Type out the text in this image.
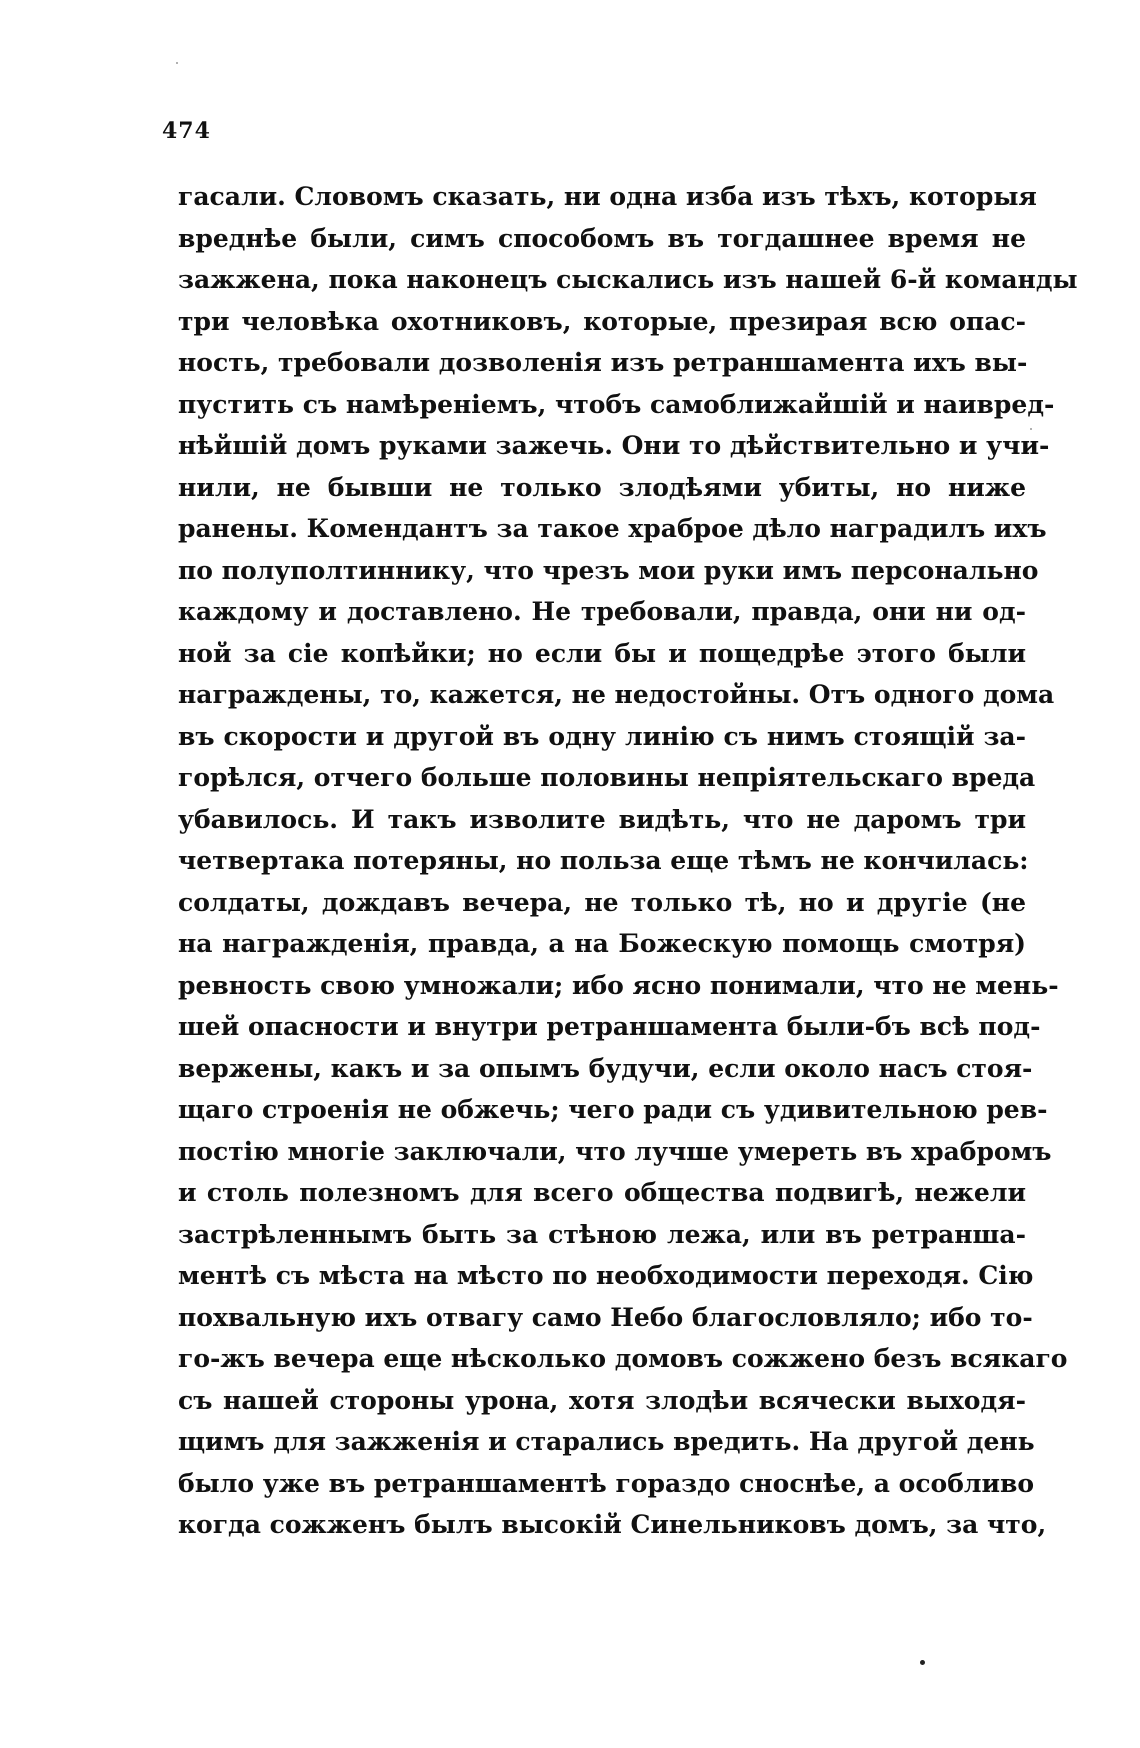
474
гасали. Словомъ сказать, ни одна изба изъ тѣхъ, которыя
вреднѣе были, симъ способомъ въ тогдашнее время не
зажжена, пока наконецъ сыскались изъ нашей 6-й команды
три человѣка охотниковъ, которые, презирая всю опас-
ность, требовали дозволенія изъ ретраншамента ихъ вы-
пустить съ намѣреніемъ, чтобъ самоближайшій и наивред-
нѣйшій домъ руками зажечь. Они то дѣйствительно и учи-
нили, не бывши не только злодѣями убиты, но ниже
ранены. Комендантъ за такое храброе дѣло наградилъ ихъ
по полуполтиннику, что чрезъ мои руки имъ персонально
каждому и доставлено. Не требовали, правда, они ни од-
ной за сіе копѣйки; но если бы и пощедрѣе этого были
награждены, то, кажется, не недостойны. Отъ одного дома
въ скорости и другой въ одну линію съ нимъ стоящій за-
горѣлся, отчего больше половины непріятельскаго вреда
убавилось. И такъ изволите видѣть, что не даромъ три
четвертака потеряны, но польза еще тѣмъ не кончилась:
солдаты, дождавъ вечера, не только тѣ, но и другіе (не
на награжденія, правда, а на Божескую помощь смотря)
ревность свою умножали; ибо ясно понимали, что не мень-
шей опасности и внутри ретраншамента были-бъ всѣ под-
вержены, какъ и за опымъ будучи, если около насъ стоя-
щаго строенія не обжечь; чего ради съ удивительною рев-
постію многіе заключали, что лучше умереть въ храбромъ
и столь полезномъ для всего общества подвигѣ, нежели
застрѣленнымъ быть за стѣною лежа, или въ ретранша-
ментѣ съ мѣста на мѣсто по необходимости переходя. Сію
похвальную ихъ отвагу само Небо благословляло; ибо то-
го-жъ вечера еще нѣсколько домовъ сожжено безъ всякаго
съ нашей стороны урона, хотя злодѣи всячески выходя-
щимъ для зажженія и старались вредить. На другой день
было уже въ ретраншаментѣ гораздо сноснѣе, а особливо
когда сожженъ былъ высокій Синельниковъ домъ, за что,
